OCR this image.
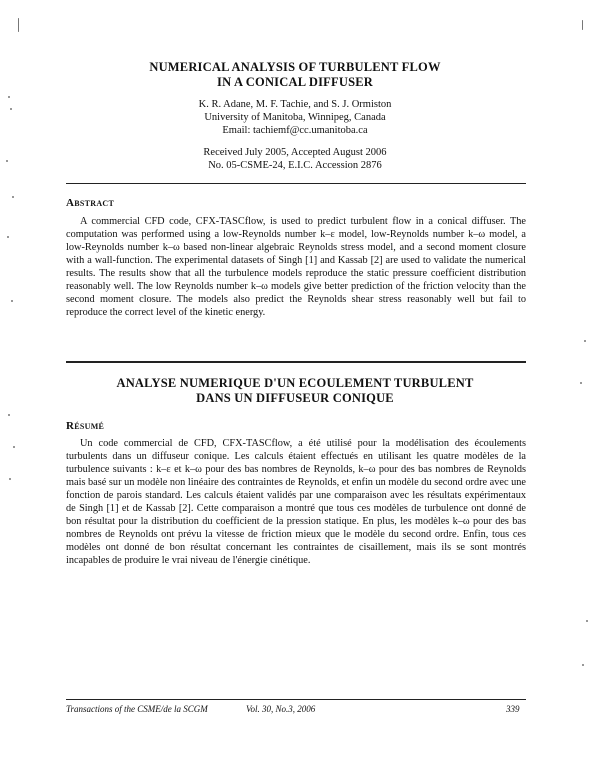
NUMERICAL ANALYSIS OF TURBULENT FLOW
IN A CONICAL DIFFUSER
K. R. Adane, M. F. Tachie, and S. J. Ormiston
University of Manitoba, Winnipeg, Canada
Email: tachiemf@cc.umanitoba.ca
Received July 2005, Accepted August 2006
No. 05-CSME-24, E.I.C. Accession 2876
Abstract

A commercial CFD code, CFX-TASCflow, is used to predict turbulent flow in a conical diffuser. The computation was performed using a low-Reynolds number k–ε model, low-Reynolds number k–ω model, a low-Reynolds number k–ω based non-linear algebraic Reynolds stress model, and a second moment closure with a wall-function. The experimental datasets of Singh [1] and Kassab [2] are used to validate the numerical results. The results show that all the turbulence models reproduce the static pressure coefficient distribution reasonably well. The low Reynolds number k–ω models give better prediction of the friction velocity than the second moment closure. The models also predict the Reynolds shear stress reasonably well but fail to reproduce the correct level of the kinetic energy.

ANALYSE NUMERIQUE D'UN ECOULEMENT TURBULENT
DANS UN DIFFUSEUR CONIQUE
Résumé

Un code commercial de CFD, CFX-TASCflow, a été utilisé pour la modélisation des écoulements turbulents dans un diffuseur conique. Les calculs étaient effectués en utilisant les quatre modèles de la turbulence suivants : k–ε et k–ω pour des bas nombres de Reynolds, k–ω pour des bas nombres de Reynolds mais basé sur un modèle non linéaire des contraintes de Reynolds, et enfin un modèle du second ordre avec une fonction de parois standard. Les calculs étaient validés par une comparaison avec les résultats expérimentaux de Singh [1] et de Kassab [2]. Cette comparaison a montré que tous ces modèles de turbulence ont donné de bon résultat pour la distribution du coefficient de la pression statique. En plus, les modèles k–ω pour des bas nombres de Reynolds ont prévu la vitesse de friction mieux que le modèle du second ordre. Enfin, tous ces modèles ont donné de bon résultat concernant les contraintes de cisaillement, mais ils se sont montrés incapables de produire le vrai niveau de l'énergie cinétique.

Transactions of the CSME/de la SCGM	Vol. 30, No.3, 2006	339
